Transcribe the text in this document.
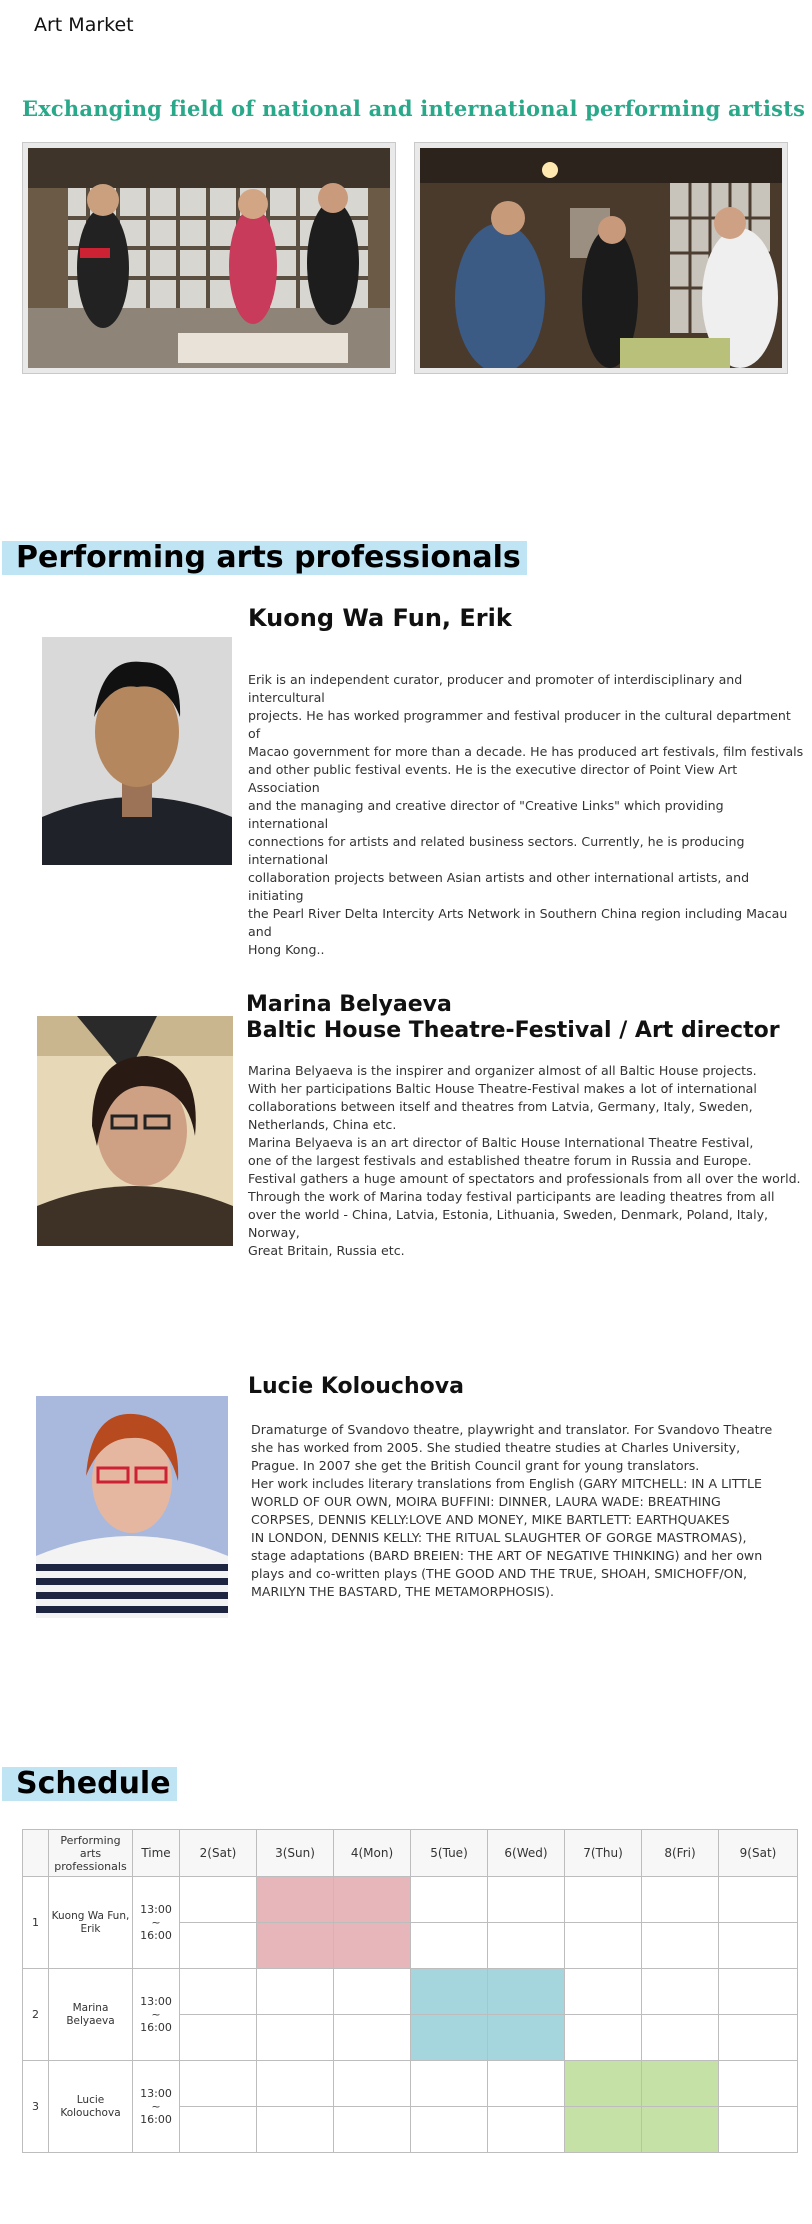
Art Market
Exchanging field of national and international performing artists
Performing arts professionals
Kuong Wa Fun, Erik
Erik is an independent curator, producer and promoter of interdisciplinary and intercultural
projects. He has worked programmer and festival producer in the cultural department of
Macao government for more than a decade. He has produced art festivals, film festivals
and other public festival events. He is the executive director of Point View Art Association
and the managing and creative director of "Creative Links" which providing international
connections for artists and related business sectors. Currently, he is producing international
collaboration projects between Asian artists and other international artists, and initiating
the Pearl River Delta Intercity Arts Network in Southern China region including Macau and
Hong Kong..
Marina Belyaeva
Baltic House Theatre-Festival / Art director
Marina Belyaeva is the inspirer and organizer almost of all Baltic House projects.
With her participations Baltic House Theatre-Festival makes a lot of international
collaborations between itself and theatres from Latvia, Germany, Italy, Sweden,
Netherlands, China etc.
Marina Belyaeva is an art director of Baltic House International Theatre Festival,
one of the largest festivals and established theatre forum in Russia and Europe.
Festival gathers a huge amount of spectators and professionals from all over the world.
Through the work of Marina today festival participants are leading theatres from all
over the world - China, Latvia, Estonia, Lithuania, Sweden, Denmark, Poland, Italy, Norway,
Great Britain, Russia etc.
Lucie Kolouchova
Dramaturge of Svandovo theatre, playwright and translator. For Svandovo Theatre
she has worked from 2005. She studied theatre studies at Charles University,
Prague. In 2007 she get the British Council grant for young translators.
Her work includes literary translations from English (GARY MITCHELL: IN A LITTLE
WORLD OF OUR OWN, MOIRA BUFFINI: DINNER, LAURA WADE: BREATHING
CORPSES, DENNIS KELLY:LOVE AND MONEY, MIKE BARTLETT: EARTHQUAKES
IN LONDON, DENNIS KELLY: THE RITUAL SLAUGHTER OF GORGE MASTROMAS),
stage adaptations (BARD BREIEN: THE ART OF NEGATIVE THINKING) and her own
plays and co-written plays (THE GOOD AND THE TRUE, SHOAH, SMICHOFF/ON,
MARILYN THE BASTARD, THE METAMORPHOSIS).
Schedule
	Performing arts professionals	Time	2(Sat)	3(Sun)	4(Mon)	5(Tue)	6(Wed)	7(Thu)	8(Fri)	9(Sat)
1	Kuong Wa Fun,
Erik	13:00
~
16:00								

2	Marina
Belyaeva	13:00
~
16:00								

3	Lucie
Kolouchova	13:00
~
16:00								
